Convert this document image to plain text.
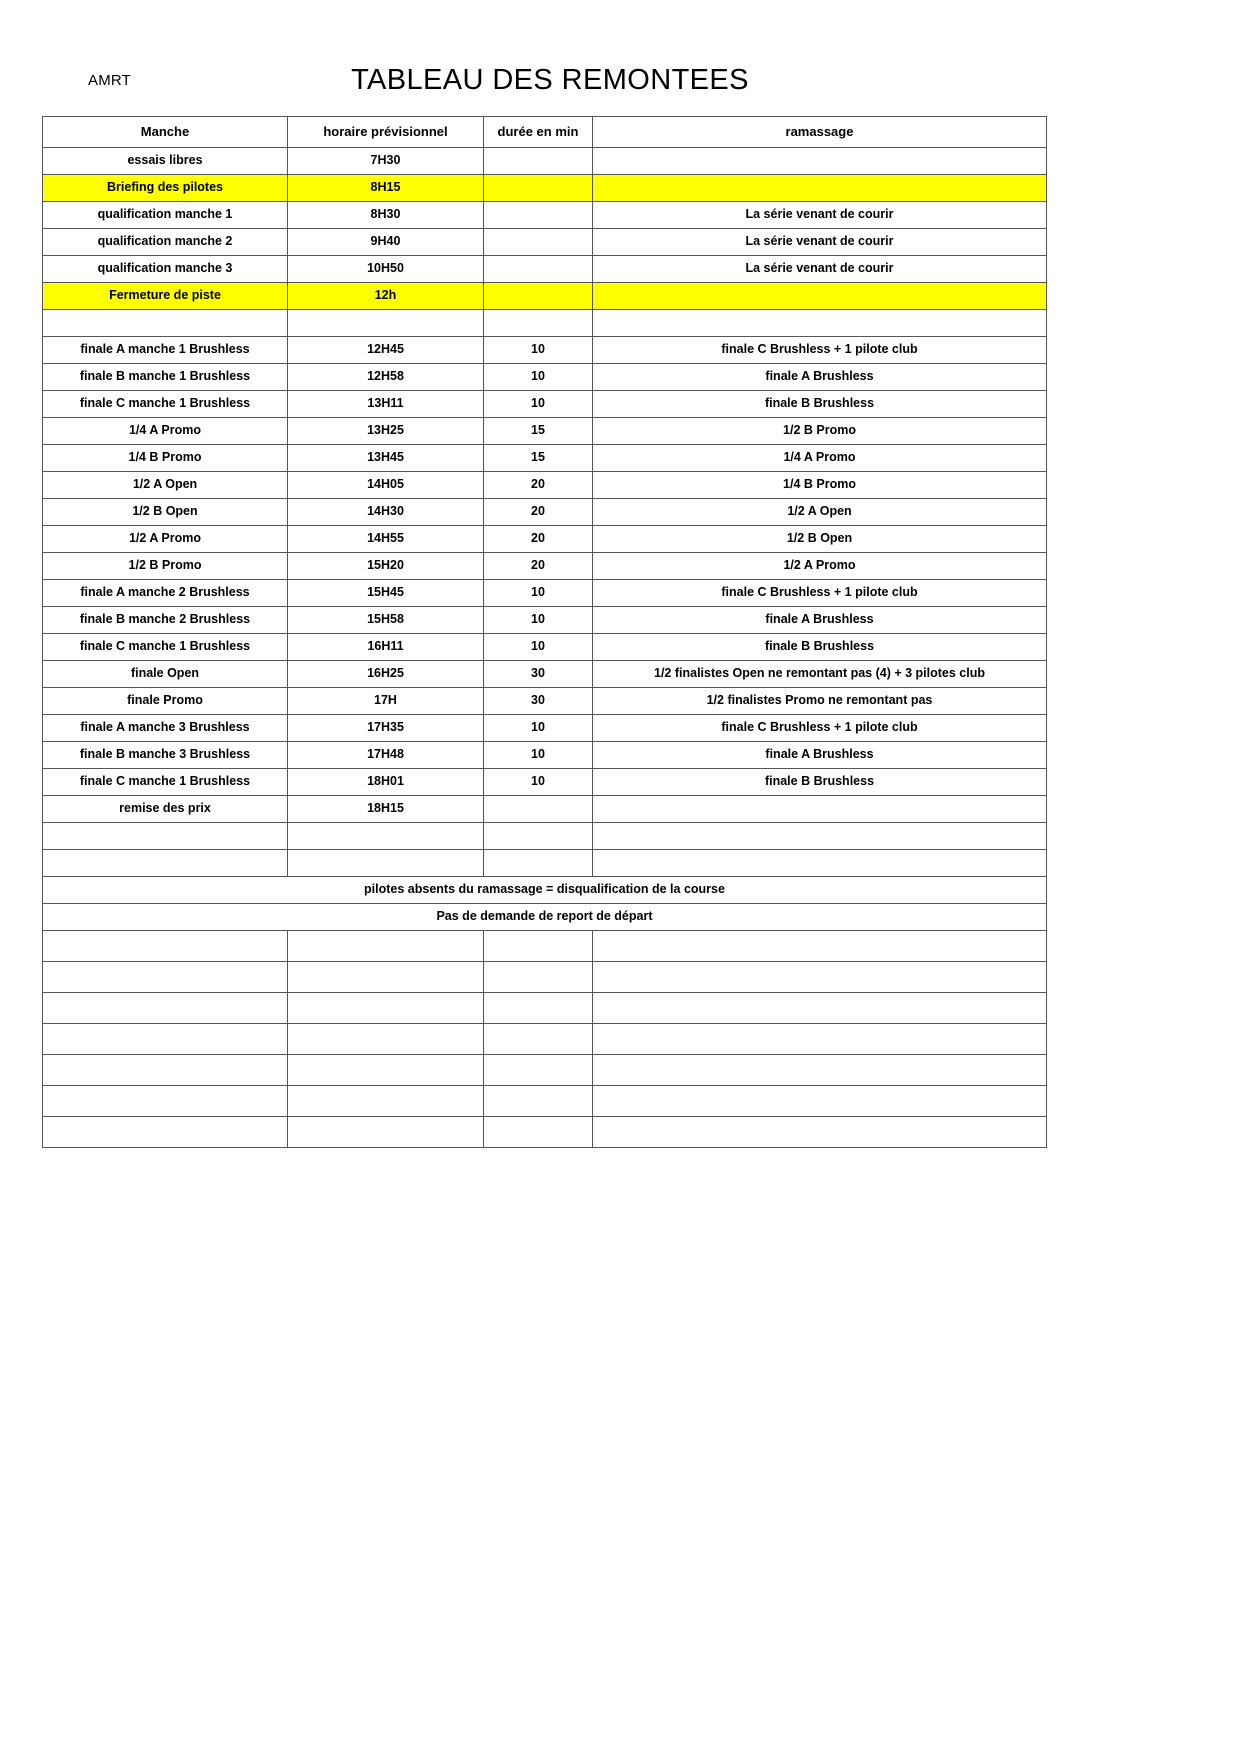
AMRT	TABLEAU DES REMONTEES
Manche	horaire prévisionnel	durée en min	ramassage
essais libres	7H30		
Briefing des pilotes	8H15		
qualification manche 1	8H30		La série venant de courir
qualification manche 2	9H40		La série venant de courir
qualification manche 3	10H50		La série venant de courir
Fermeture de piste	12h		

finale A manche 1 Brushless	12H45	10	finale C Brushless + 1 pilote club
finale B manche 1 Brushless	12H58	10	finale A Brushless
finale C manche 1 Brushless	13H11	10	finale B Brushless
1/4 A Promo	13H25	15	1/2 B Promo
1/4 B Promo	13H45	15	1/4 A Promo
1/2 A Open	14H05	20	1/4 B Promo
1/2 B Open	14H30	20	1/2 A Open
1/2 A Promo	14H55	20	1/2 B Open
1/2 B Promo	15H20	20	1/2 A Promo
finale A manche 2 Brushless	15H45	10	finale C Brushless + 1 pilote club
finale B manche 2 Brushless	15H58	10	finale A Brushless
finale C manche 1 Brushless	16H11	10	finale B Brushless
finale Open	16H25	30	1/2 finalistes Open ne remontant pas (4) + 3 pilotes club
finale Promo	17H	30	1/2 finalistes Promo ne remontant pas
finale A manche 3 Brushless	17H35	10	finale C Brushless + 1 pilote club
finale B manche 3 Brushless	17H48	10	finale A Brushless
finale C manche 1 Brushless	18H01	10	finale B Brushless
remise des prix	18H15		

pilotes absents du ramassage = disqualification de la course			
Pas de demande de report de départ			
